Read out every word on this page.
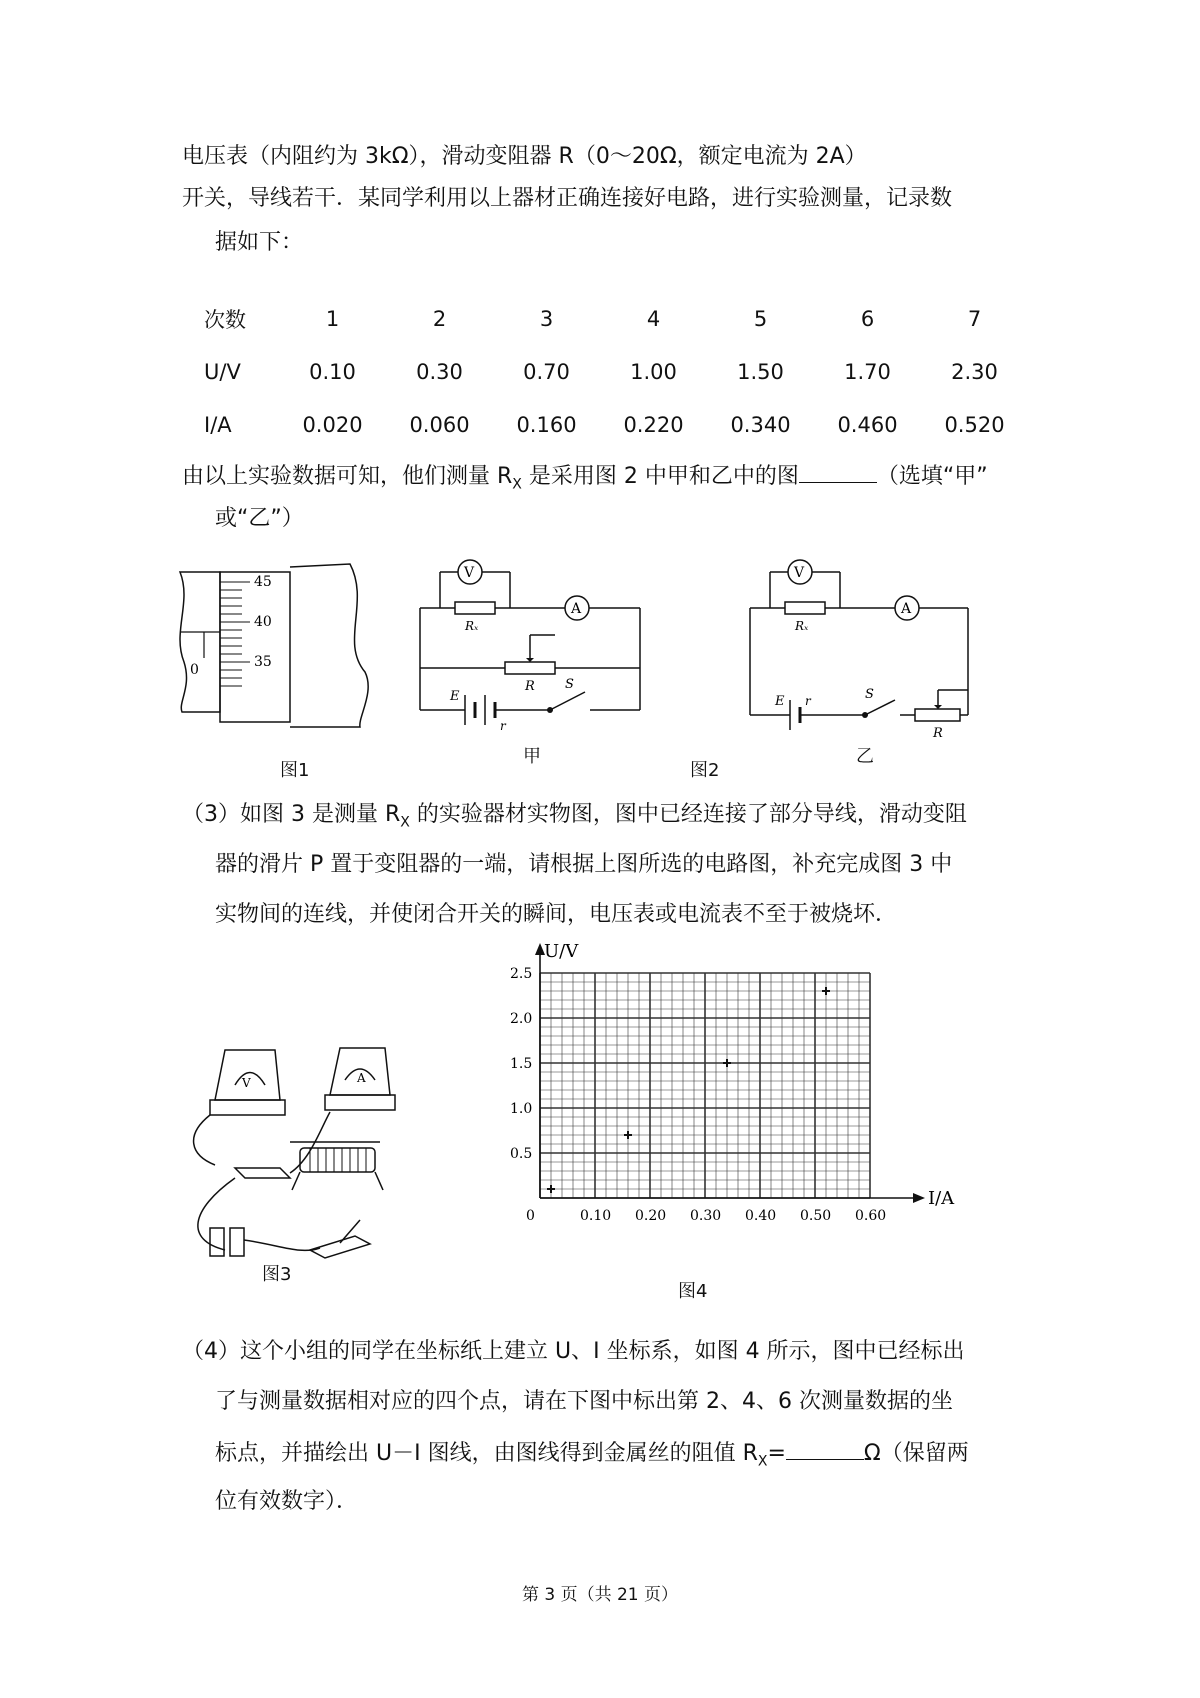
电压表（内阻约为 3kΩ），滑动变阻器 R（0～20Ω，额定电流为 2A）
开关，导线若干．某同学利用以上器材正确连接好电路，进行实验测量，记录数
据如下：
次数	1	2	3	4	5	6	7
U/V	0.10	0.30	0.70	1.00	1.50	1.70	2.30
I/A	0.020	0.060	0.160	0.220	0.340	0.460	0.520
由以上实验数据可知，他们测量 $R_X$ 是采用图 2 中甲和乙中的图	（选填“甲”
或“乙”）
45
40
35
0
图1
V
A
Rₓ
R
E
r
S
甲
V
A
Rₓ
R
E r	S
乙
图2
（3）如图 3 是测量 $R_X$ 的实验器材实物图，图中已经连接了部分导线，滑动变阻
器的滑片 P 置于变阻器的一端，请根据上图所选的电路图，补充完成图 3 中
实物间的连线，并使闭合开关的瞬间，电压表或电流表不至于被烧坏．
V	A
图3
I/A
U/V
0	0.10 0.20 0.30 0.40 0.50 0.60
0.5
1.0
1.5
2.0
2.5
图4
（4）这个小组的同学在坐标纸上建立 U、I 坐标系，如图 4 所示，图中已经标出
了与测量数据相对应的四个点，请在下图中标出第 2、4、6 次测量数据的坐
标点，并描绘出 U－I 图线，由图线得到金属丝的阻值 $R_X=$	Ω（保留两
位有效数字）．
第 3 页（共 21 页）
